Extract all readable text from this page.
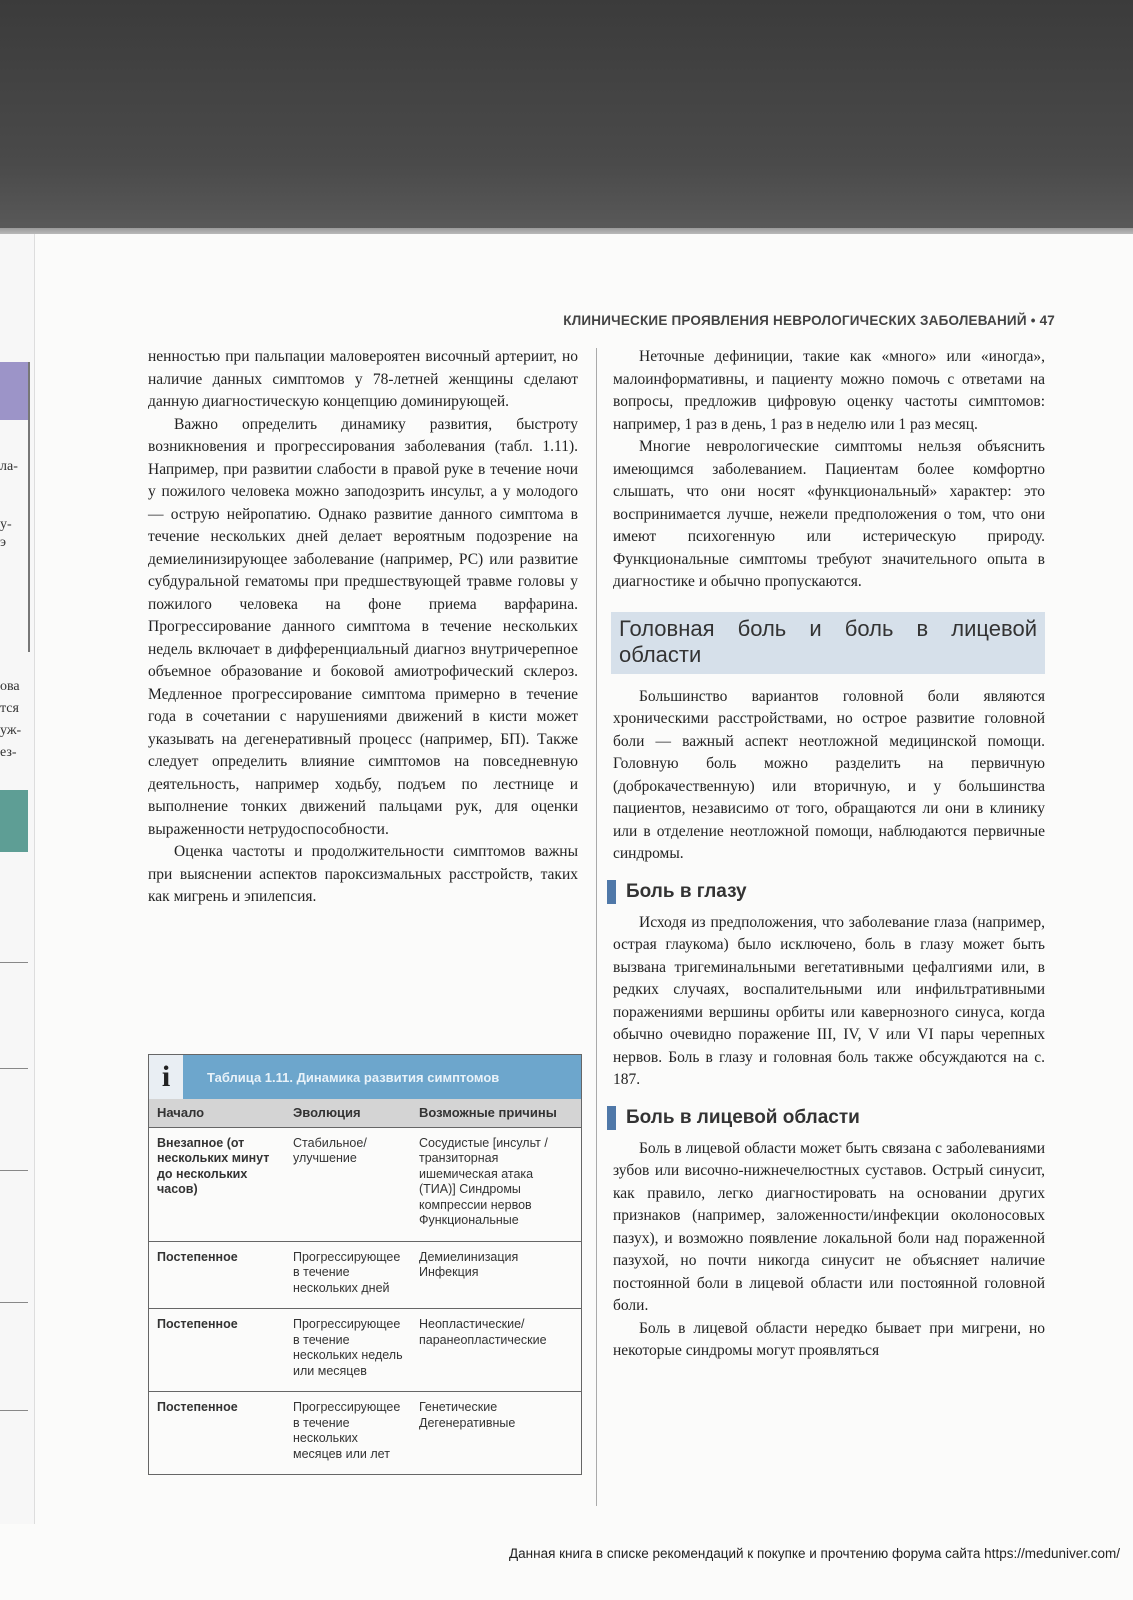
ла-
у-
э
ова
тся
уж-
ез-
КЛИНИЧЕСКИЕ ПРОЯВЛЕНИЯ НЕВРОЛОГИЧЕСКИХ ЗАБОЛЕВАНИЙ • 47

ненностью при пальпации маловероятен височный артериит, но наличие данных симптомов у 78-летней женщины сделают данную диагностическую концепцию доминирующей.

Важно определить динамику развития, быстроту возникновения и прогрессирования заболевания (табл. 1.11). Например, при развитии слабости в правой руке в течение ночи у пожилого человека можно заподозрить инсульт, а у молодого — острую нейропатию. Однако развитие данного симптома в течение нескольких дней делает вероятным подозрение на демиелинизирующее заболевание (например, РС) или развитие субдуральной гематомы при предшествующей травме головы у пожилого человека на фоне приема варфарина. Прогрессирование данного симптома в течение нескольких недель включает в дифференциальный диагноз внутричерепное объемное образование и боковой амиотрофический склероз. Медленное прогрессирование симптома примерно в течение года в сочетании с нарушениями движений в кисти может указывать на дегенеративный процесс (например, БП). Также следует определить влияние симптомов на повседневную деятельность, например ходьбу, подъем по лестнице и выполнение тонких движений пальцами рук, для оценки выраженности нетрудоспособности.

Оценка частоты и продолжительности симптомов важны при выяснении аспектов пароксизмальных расстройств, таких как мигрень и эпилепсия.

i	Таблица 1.11. Динамика развития симптомов
Начало	Эволюция	Возможные причины
Внезапное (от нескольких минут до нескольких часов)	Стабильное/ улучшение	Сосудистые [инсульт / транзиторная ишемическая атака (ТИА)] Синдромы компрессии нервов Функциональные
Постепенное	Прогрессирующее в течение нескольких дней	Демиелинизация Инфекция
Постепенное	Прогрессирующее в течение нескольких недель или месяцев	Неопластические/ паранеопластические
Постепенное	Прогрессирующее в течение нескольких месяцев или лет	Генетические Дегенеративные

Неточные дефиниции, такие как «много» или «иногда», малоинформативны, и пациенту можно помочь с ответами на вопросы, предложив цифровую оценку частоты симптомов: например, 1 раз в день, 1 раз в неделю или 1 раз месяц.

Многие неврологические симптомы нельзя объяснить имеющимся заболеванием. Пациентам более комфортно слышать, что они носят «функциональный» характер: это воспринимается лучше, нежели предположения о том, что они имеют психогенную или истерическую природу. Функциональные симптомы требуют значительного опыта в диагностике и обычно пропускаются.

Головная боль и боль в лицевой области

Большинство вариантов головной боли являются хроническими расстройствами, но острое развитие головной боли — важный аспект неотложной медицинской помощи. Головную боль можно разделить на первичную (доброкачественную) или вторичную, и у большинства пациентов, независимо от того, обращаются ли они в клинику или в отделение неотложной помощи, наблюдаются первичные синдромы.

Боль в глазу

Исходя из предположения, что заболевание глаза (например, острая глаукома) было исключено, боль в глазу может быть вызвана тригеминальными вегетативными цефалгиями или, в редких случаях, воспалительными или инфильтративными поражениями вершины орбиты или кавернозного синуса, когда обычно очевидно поражение III, IV, V или VI пары черепных нервов. Боль в глазу и головная боль также обсуждаются на с. 187.

Боль в лицевой области

Боль в лицевой области может быть связана с заболеваниями зубов или височно-нижнечелюстных суставов. Острый синусит, как правило, легко диагностировать на основании других признаков (например, заложенности/инфекции околоносовых пазух), и возможно появление локальной боли над пораженной пазухой, но почти никогда синусит не объясняет наличие постоянной боли в лицевой области или постоянной головной боли.

Боль в лицевой области нередко бывает при мигрени, но некоторые синдромы могут проявляться

Данная книга в списке рекомендаций к покупке и прочтению форума сайта https://meduniver.com/
